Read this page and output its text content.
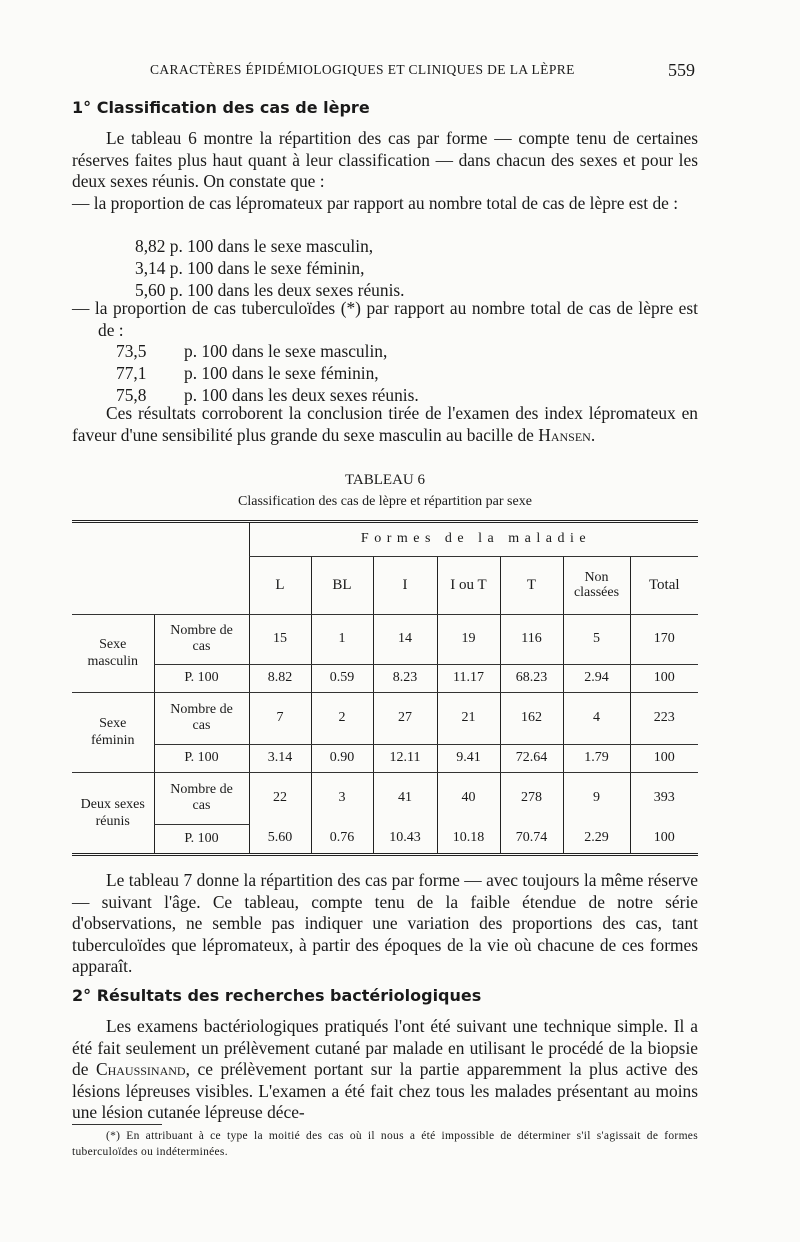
CARACTÈRES ÉPIDÉMIOLOGIQUES ET CLINIQUES DE LA LÈPRE	559
1° Classification des cas de lèpre
Le tableau 6 montre la répartition des cas par forme — compte tenu de certaines réserves faites plus haut quant à leur classification — dans chacun des sexes et pour les deux sexes réunis. On constate que :
— la proportion de cas lépromateux par rapport au nombre total de cas de lèpre est de :
8,82 p. 100 dans le sexe masculin,
3,14 p. 100 dans le sexe féminin,
5,60 p. 100 dans les deux sexes réunis.
— la proportion de cas tuberculoïdes (*) par rapport au nombre total de cas de lèpre est de :
73,5 p. 100 dans le sexe masculin,
77,1 p. 100 dans le sexe féminin,
75,8 p. 100 dans les deux sexes réunis.
Ces résultats corroborent la conclusion tirée de l'examen des index lépromateux en faveur d'une sensibilité plus grande du sexe masculin au bacille de Hansen.
TABLEAU 6
Classification des cas de lèpre et répartition par sexe

		F o r m e s   d e   l a   m a l a d i e						
		L	BL	I	I ou T	T	Non classées	Total
Sexe masculin	Nombre de cas	15	1	14	19	116	5	170
	P. 100	8.82	0.59	8.23	11.17	68.23	2.94	100
Sexe féminin	Nombre de cas	7	2	27	21	162	4	223
	P. 100	3.14	0.90	12.11	9.41	72.64	1.79	100
Deux sexes réunis	Nombre de cas	22	3	41	40	278	9	393
	P. 100	5.60	0.76	10.43	10.18	70.74	2.29	100
Le tableau 7 donne la répartition des cas par forme — avec toujours la même réserve — suivant l'âge. Ce tableau, compte tenu de la faible étendue de notre série d'observations, ne semble pas indiquer une variation des proportions des cas, tant tuberculoïdes que lépromateux, à partir des époques de la vie où chacune de ces formes apparaît.
2° Résultats des recherches bactériologiques
Les examens bactériologiques pratiqués l'ont été suivant une technique simple. Il a été fait seulement un prélèvement cutané par malade en utilisant le procédé de la biopsie de Chaussinand, ce prélèvement portant sur la partie apparemment la plus active des lésions lépreuses visibles. L'examen a été fait chez tous les malades présentant au moins une lésion cutanée lépreuse déce-
(*) En attribuant à ce type la moitié des cas où il nous a été impossible de déterminer s'il s'agissait de formes tuberculoïdes ou indéterminées.
